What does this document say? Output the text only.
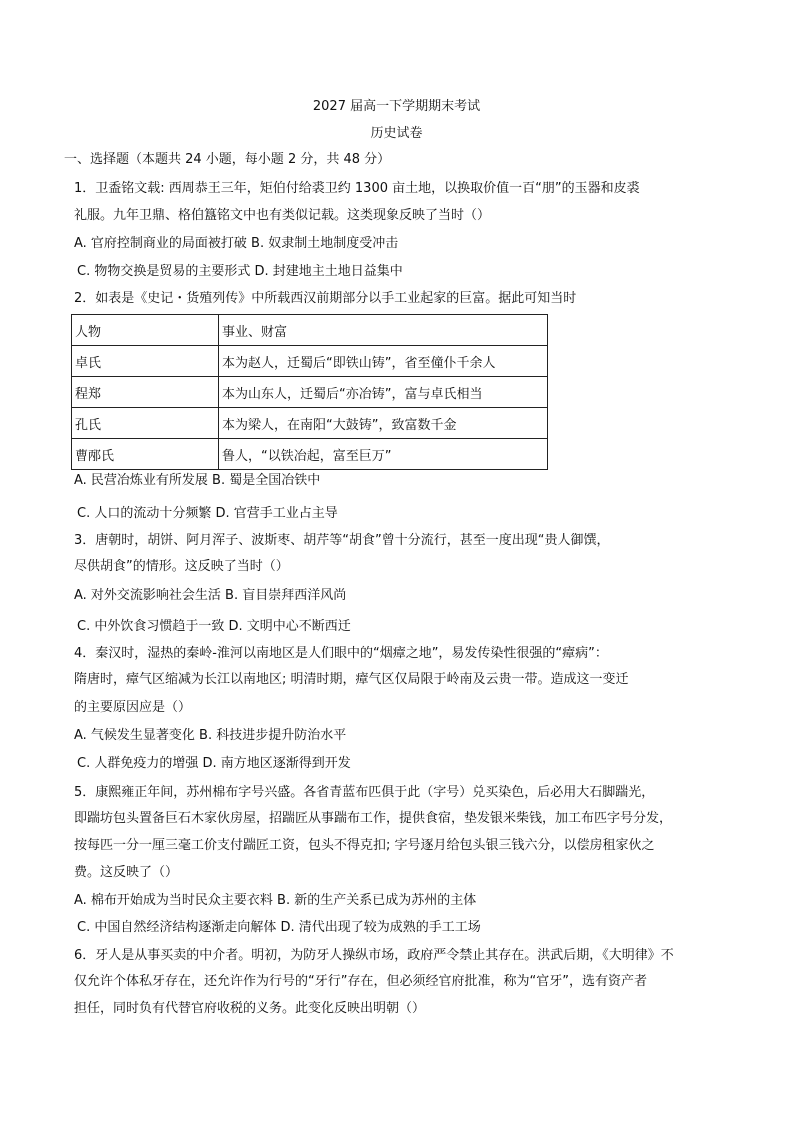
2027 届高一下学期期末考试
历史试卷
一、选择题（本题共 24 小题，每小题 2 分，共 48 分）
1．卫盉铭文载: 西周恭王三年，矩伯付给裘卫约 1300 亩土地，以换取价值一百“朋”的玉器和皮裘
礼服。九年卫鼎、格伯簋铭文中也有类似记载。这类现象反映了当时（）
A. 官府控制商业的局面被打破 B. 奴隶制土地制度受冲击
C. 物物交换是贸易的主要形式 D. 封建地主土地日益集中
2．如表是《史记・货殖列传》中所载西汉前期部分以手工业起家的巨富。据此可知当时
人物	事业、财富
卓氏	本为赵人，迁蜀后“即铁山铸”，省至僮仆千余人
程郑	本为山东人，迁蜀后“亦冶铸”，富与卓氏相当
孔氏	本为梁人，在南阳“大鼓铸”，致富数千金
曹邴氏	鲁人，“以铁冶起，富至巨万”
A. 民营冶炼业有所发展 B. 蜀是全国冶铁中
C. 人口的流动十分频繁 D. 官营手工业占主导
3．唐朝时，胡饼、阿月浑子、波斯枣、胡芹等“胡食”曾十分流行，甚至一度出现“贵人御馔，
尽供胡食”的情形。这反映了当时（）
A. 对外交流影响社会生活 B. 盲目崇拜西洋风尚
C. 中外饮食习惯趋于一致 D. 文明中心不断西迁
4．秦汉时，湿热的秦岭-淮河以南地区是人们眼中的“烟瘴之地”，易发传染性很强的“瘴病”：
隋唐时，瘴气区缩减为长江以南地区; 明清时期，瘴气区仅局限于岭南及云贵一带。造成这一变迁
的主要原因应是（）
A. 气候发生显著变化 B. 科技进步提升防治水平
C. 人群免疫力的增强 D. 南方地区逐渐得到开发
5．康熙雍正年间，苏州棉布字号兴盛。各省青蓝布匹俱于此（字号）兑买染色，后必用大石脚踹光，
即踹坊包头置备巨石木家伙房屋，招踹匠从事踹布工作，提供食宿，垫发银米柴钱，加工布匹字号分发，
按每匹一分一厘三毫工价支付踹匠工资，包头不得克扣; 字号逐月给包头银三钱六分，以偿房租家伙之
费。这反映了（）
A. 棉布开始成为当时民众主要衣料 B. 新的生产关系已成为苏州的主体
C. 中国自然经济结构逐渐走向解体 D. 清代出现了较为成熟的手工工场
6．牙人是从事买卖的中介者。明初，为防牙人操纵市场，政府严令禁止其存在。洪武后期，《大明律》不
仅允许个体私牙存在，还允许作为行号的“牙行”存在，但必须经官府批准，称为“官牙”，选有资产者
担任，同时负有代替官府收税的义务。此变化反映出明朝（）
